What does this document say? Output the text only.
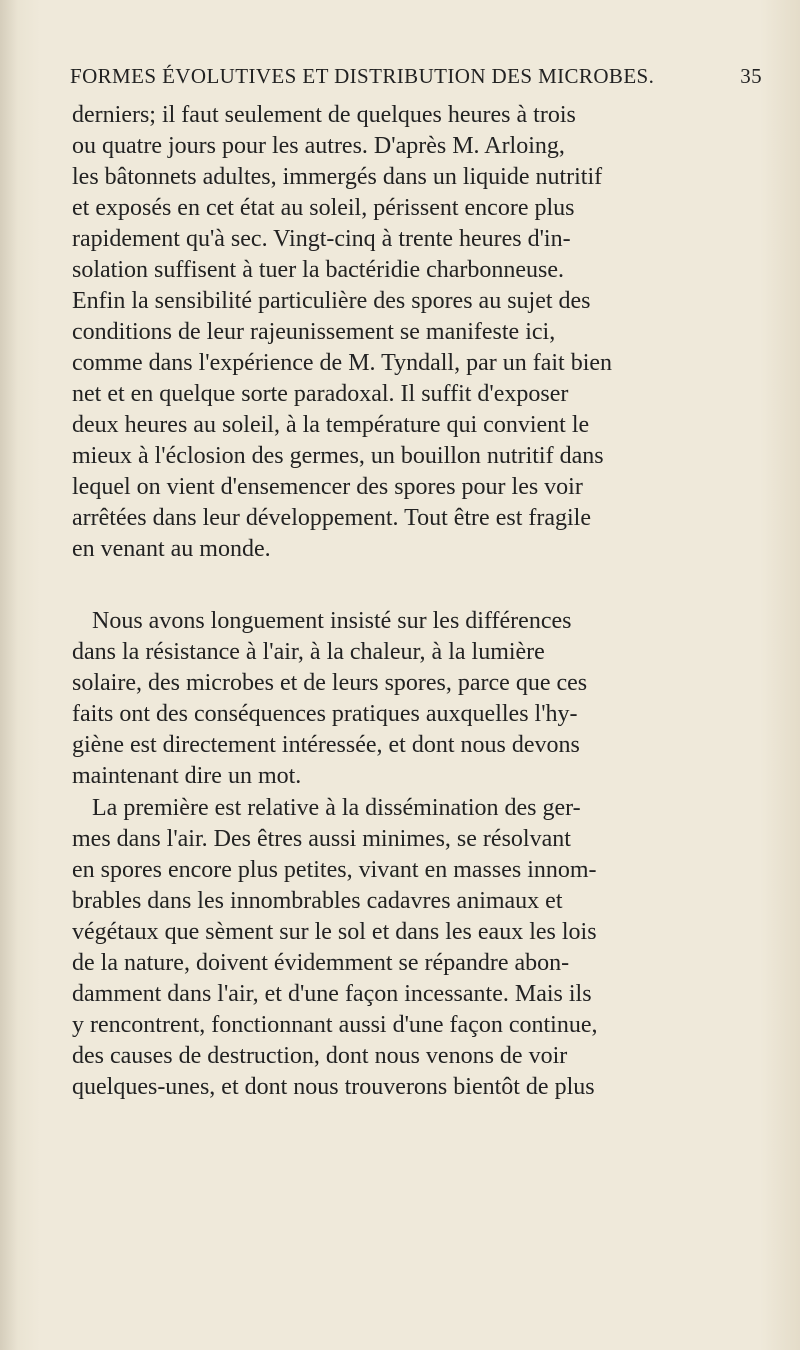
FORMES ÉVOLUTIVES ET DISTRIBUTION DES MICROBES.	35
derniers; il faut seulement de quelques heures à trois
ou quatre jours pour les autres. D'après M. Arloing,
les bâtonnets adultes, immergés dans un liquide nutritif
et exposés en cet état au soleil, périssent encore plus
rapidement qu'à sec. Vingt-cinq à trente heures d'in-
solation suffisent à tuer la bactéridie charbonneuse.
Enfin la sensibilité particulière des spores au sujet des
conditions de leur rajeunissement se manifeste ici,
comme dans l'expérience de M. Tyndall, par un fait bien
net et en quelque sorte paradoxal. Il suffit d'exposer
deux heures au soleil, à la température qui convient le
mieux à l'éclosion des germes, un bouillon nutritif dans
lequel on vient d'ensemencer des spores pour les voir
arrêtées dans leur développement. Tout être est fragile
en venant au monde.
Nous avons longuement insisté sur les différences
dans la résistance à l'air, à la chaleur, à la lumière
solaire, des microbes et de leurs spores, parce que ces
faits ont des conséquences pratiques auxquelles l'hy-
giène est directement intéressée, et dont nous devons
maintenant dire un mot.
La première est relative à la dissémination des ger-
mes dans l'air. Des êtres aussi minimes, se résolvant
en spores encore plus petites, vivant en masses innom-
brables dans les innombrables cadavres animaux et
végétaux que sèment sur le sol et dans les eaux les lois
de la nature, doivent évidemment se répandre abon-
damment dans l'air, et d'une façon incessante. Mais ils
y rencontrent, fonctionnant aussi d'une façon continue,
des causes de destruction, dont nous venons de voir
quelques-unes, et dont nous trouverons bientôt de plus
